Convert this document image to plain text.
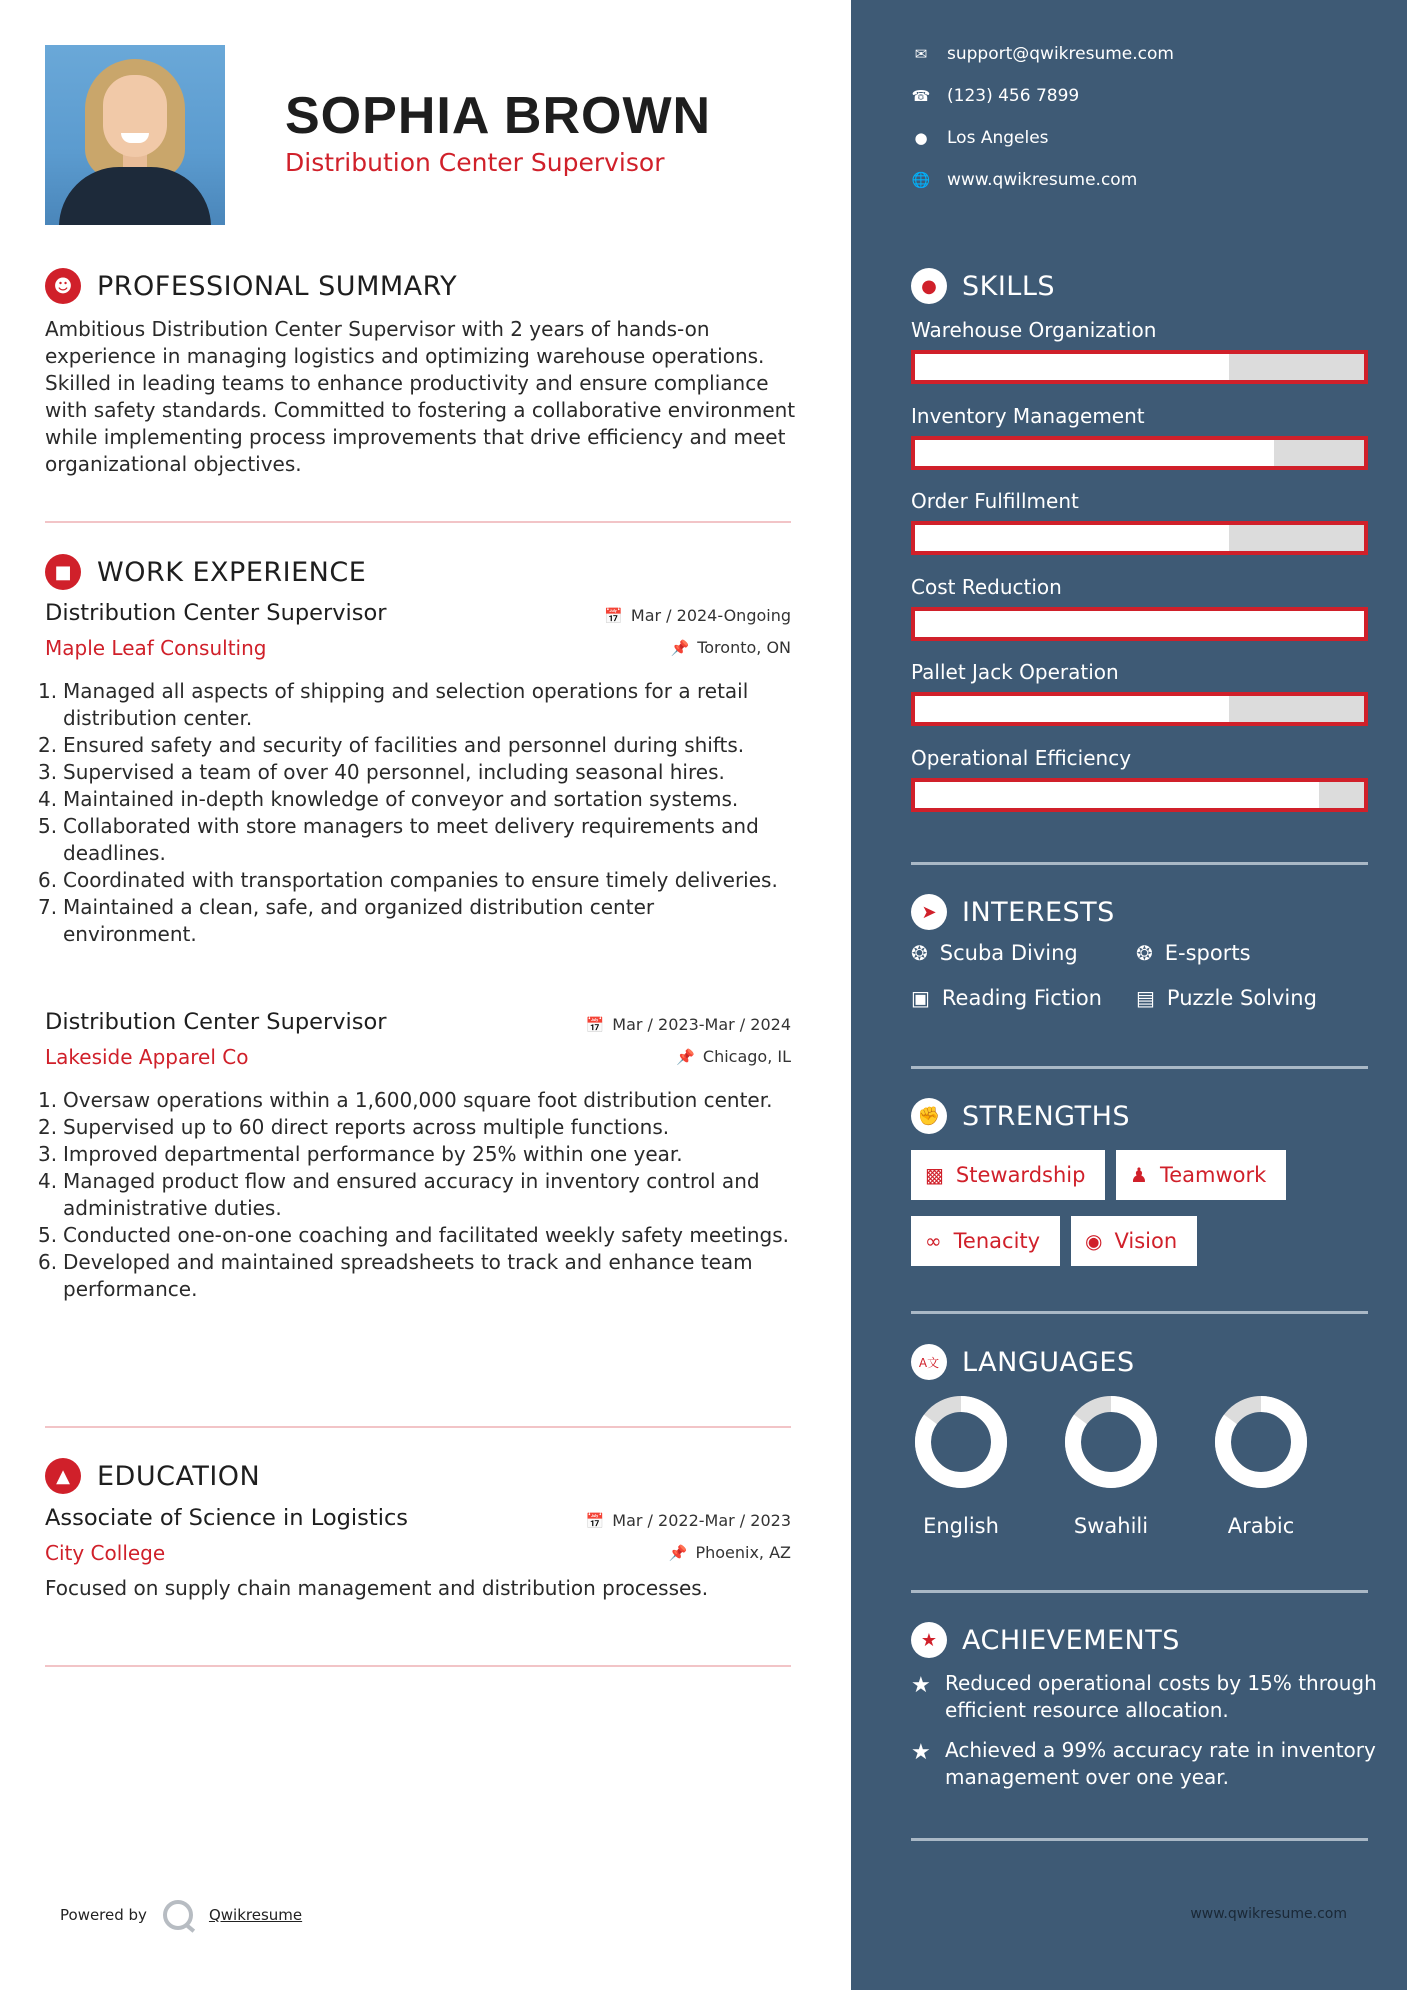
SOPHIA BROWN
Distribution Center Supervisor
☻ PROFESSIONAL SUMMARY
Ambitious Distribution Center Supervisor with 2 years of hands-on experience in managing logistics and optimizing warehouse operations. Skilled in leading teams to enhance productivity and ensure compliance with safety standards. Committed to fostering a collaborative environment while implementing process improvements that drive efficiency and meet organizational objectives.
■ WORK EXPERIENCE
Distribution Center Supervisor
Maple Leaf Consulting
📅 Mar / 2024-Ongoing
📌 Toronto, ON
Managed all aspects of shipping and selection operations for a retail distribution center.
Ensured safety and security of facilities and personnel during shifts.
Supervised a team of over 40 personnel, including seasonal hires.
Maintained in-depth knowledge of conveyor and sortation systems.
Collaborated with store managers to meet delivery requirements and deadlines.
Coordinated with transportation companies to ensure timely deliveries.
Maintained a clean, safe, and organized distribution center environment.
Distribution Center Supervisor
Lakeside Apparel Co
📅 Mar / 2023-Mar / 2024
📌 Chicago, IL
Oversaw operations within a 1,600,000 square foot distribution center.
Supervised up to 60 direct reports across multiple functions.
Improved departmental performance by 25% within one year.
Managed product flow and ensured accuracy in inventory control and administrative duties.
Conducted one-on-one coaching and facilitated weekly safety meetings.
Developed and maintained spreadsheets to track and enhance team performance.
▲	EDUCATION
Associate of Science in Logistics
City College
📅 Mar / 2022-Mar / 2023
📌 Phoenix, AZ
Focused on supply chain management and distribution processes.
Powered by	Qwikresume
✉ support@qwikresume.com
☎ (123) 456 7899
● Los Angeles
🌐 www.qwikresume.com
● SKILLS
Warehouse Organization
Inventory Management
Order Fulfillment
Cost Reduction
Pallet Jack Operation
Operational Efficiency
➤ INTERESTS
❂ Scuba Diving	❂ E-sports
▣ Reading Fiction ▤ Puzzle Solving
✊ STRENGTHS
▩ Stewardship ♟ Teamwork
∞ Tenacity ◉ Vision
A文 LANGUAGES
English	Swahili	Arabic
★ ACHIEVEMENTS
★ Reduced operational costs by 15% through efficient resource allocation.
★ Achieved a 99% accuracy rate in inventory management over one year.
www.qwikresume.com
